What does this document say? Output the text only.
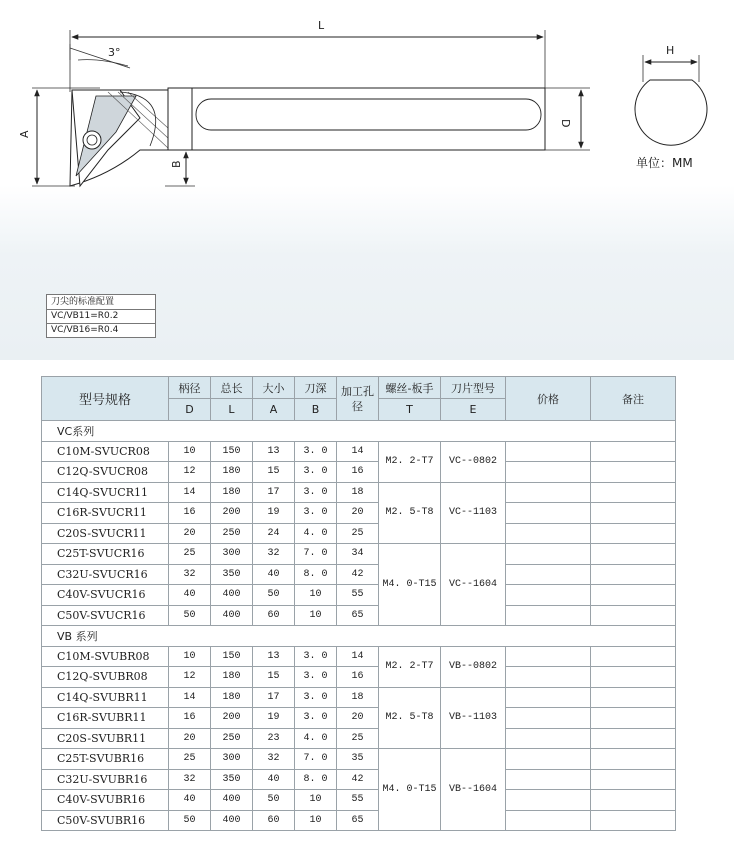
L
3°
A
B
D
H
单位：MM
刀尖的标准配置
VC/VB11=R0.2
VC/VB16=R0.4
型号规格	柄径	总长	大小	刀深	加工孔径	螺丝-板手	刀片型号	价格	备注
	D	L	A	B		T	E		
VC系列									
C10M-SVUCR08	10	150	13	3. 0	14	M2. 2-T7	VC--0802		
C12Q-SVUCR08	12	180	15	3. 0	16				
C14Q-SVUCR11	14	180	17	3. 0	18	M2. 5-T8	VC--1103		
C16R-SVUCR11	16	200	19	3. 0	20				
C20S-SVUCR11	20	250	24	4. 0	25				
C25T-SVUCR16	25	300	32	7. 0	34	M4. 0-T15	VC--1604		
C32U-SVUCR16	32	350	40	8. 0	42				
C40V-SVUCR16	40	400	50	10	55				
C50V-SVUCR16	50	400	60	10	65				
VB 系列									
C10M-SVUBR08	10	150	13	3. 0	14	M2. 2-T7	VB--0802		
C12Q-SVUBR08	12	180	15	3. 0	16				
C14Q-SVUBR11	14	180	17	3. 0	18	M2. 5-T8	VB--1103		
C16R-SVUBR11	16	200	19	3. 0	20				
C20S-SVUBR11	20	250	23	4. 0	25				
C25T-SVUBR16	25	300	32	7. 0	35	M4. 0-T15	VB--1604		
C32U-SVUBR16	32	350	40	8. 0	42				
C40V-SVUBR16	40	400	50	10	55				
C50V-SVUBR16	50	400	60	10	65				
